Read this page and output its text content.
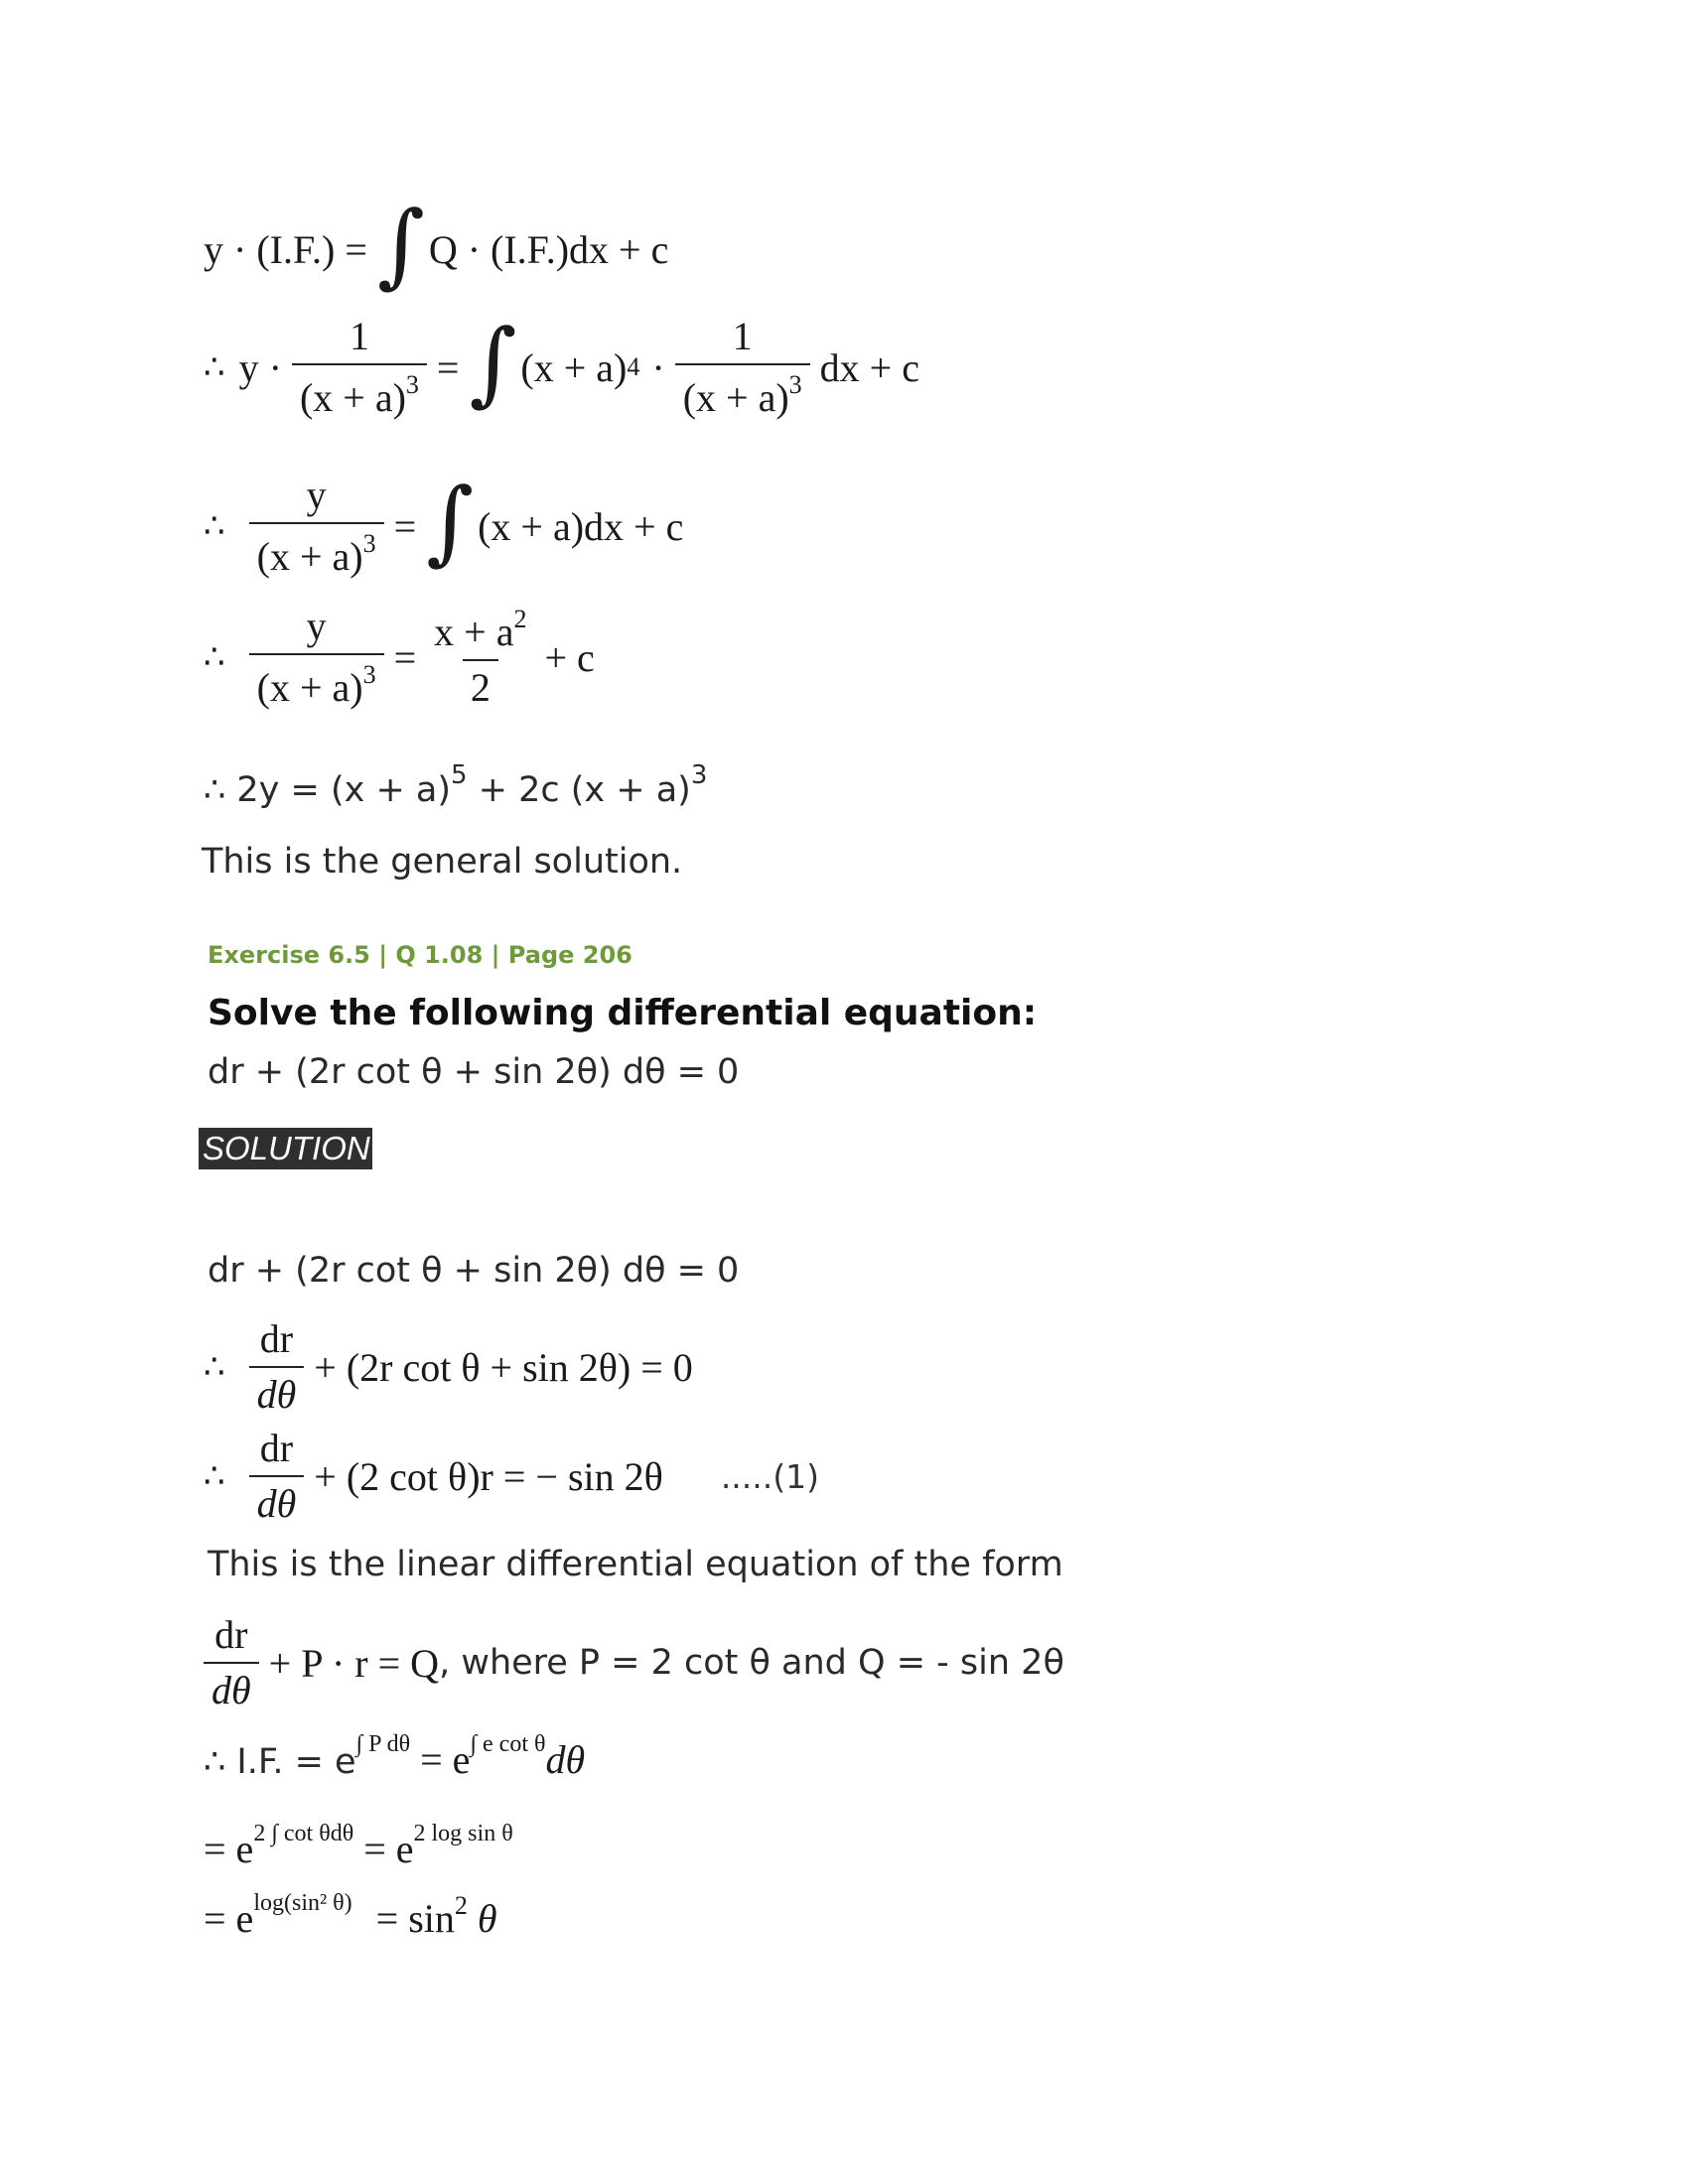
y · (I.F.) = ∫ Q · (I.F.)dx + c
∴ $y \cdot \frac{1}{(x + a)^3}$ = ∫ (x + a) $4 \cdot \frac{1}{(x + a)^3}$ dx + c
∴ $\frac{y}{(x + a)^3}$ = ∫ (x + a)dx + c
∴ $\frac{y}{(x + a)^3} = \frac{x + a^2}{2} + c$
∴ $2y = (x + a)^5 + 2c$ $(x + a)^3$
This is the general solution.
Exercise 6.5 | Q 1.08 | Page 206
Solve the following differential equation:
dr + (2r cot θ + sin 2θ) dθ = 0
SOLUTION
dr + (2r cot θ + sin 2θ) dθ = 0
∴ $\frac{dr}{d\theta} + (2r$ cot θ + sin 2θ) = 0
∴ $\frac{dr}{d\theta} + (2$ cot θ)r = − sin 2θ .....(1)
This is the linear differential equation of the form
$\frac{dr}{d\theta} + P \cdot r = Q$ , where P = 2 cot θ and Q = - sin 2θ
∴ I.F. = $e^{\int P d\theta} = e^{\int e cot \theta}d\theta$
= $e^{2 \int cot \theta d\theta} = e^{2 log sin \theta}$
= $e^{log(sin^2 \theta)} = \sin^2 \theta$
